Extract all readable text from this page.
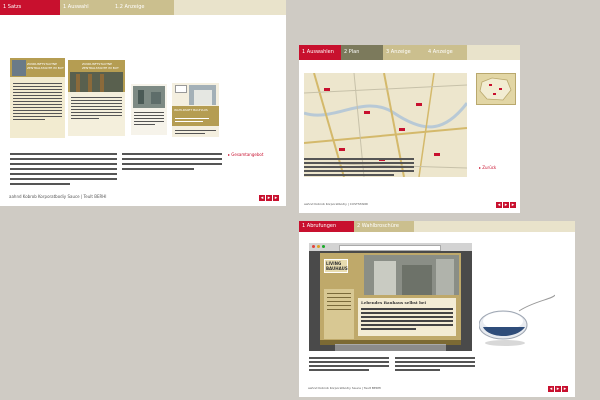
1 Satzs	1 Auswahl	1.2 Anzeige
ZUNKUNFTSTAUTNE ZENTRALSTADTE IM BUT
ZUNKUNFTSTAUTNE ZENTRALSTADTE IM BUT
WAHLPAKET BAUHAUS
▸ Gesamtangebot
aahnd Kobrob Korporatbodiy Sauce | Teult BERHI	◂ ▸ ▸
1 Auswahlen	2 Plan	3 Anzeige	4 Anzeige
▸ Zurück
aahnd Kobrob Korporatbodiy | CUSTSTAND	◂ ▸ ▸
1 Abrufungen	2 Wahlbroschüre
LIVING BAUHAUS
Lebendes Bauhaus selbst bei
aahnd Kobrob Korporatbodiy Sauce | Teult BERHI	◂ ▸ ▸
